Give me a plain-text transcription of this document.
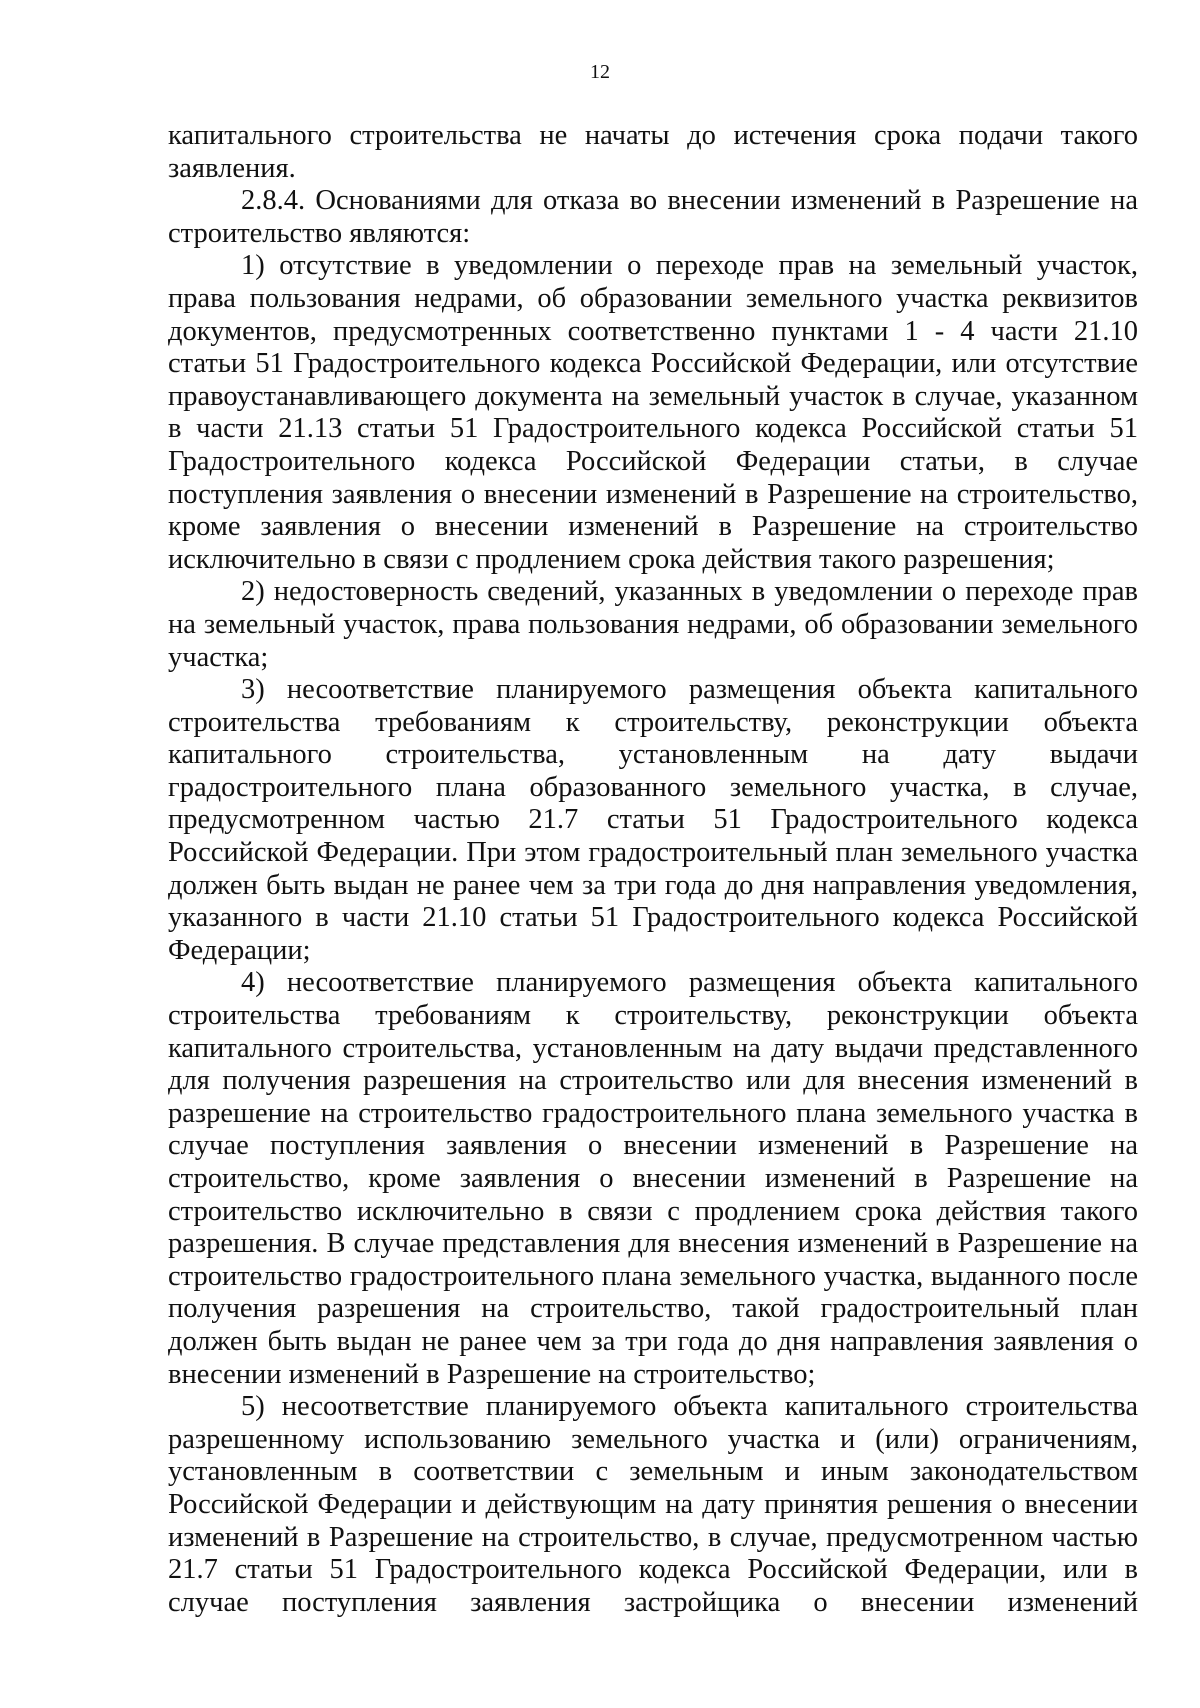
12

капитального строительства не начаты до истечения срока подачи такого заявления.

2.8.4. Основаниями для отказа во внесении изменений в Разрешение на строительство являются:

1) отсутствие в уведомлении о переходе прав на земельный участок, права пользования недрами, об образовании земельного участка реквизитов документов, предусмотренных соответственно пунктами 1 - 4 части 21.10 статьи 51 Градостроительного кодекса Российской Федерации, или отсутствие правоустанавливающего документа на земельный участок в случае, указанном в части 21.13 статьи 51 Градостроительного кодекса Российской статьи 51 Градостроительного кодекса Российской Федерации статьи, в случае поступления заявления о внесении изменений в Разрешение на строительство, кроме заявления о внесении изменений в Разрешение на строительство исключительно в связи с продлением срока действия такого разрешения;

2) недостоверность сведений, указанных в уведомлении о переходе прав на земельный участок, права пользования недрами, об образовании земельного участка;

3) несоответствие планируемого размещения объекта капитального строительства требованиям к строительству, реконструкции объекта капитального строительства, установленным на дату выдачи градостроительного плана образованного земельного участка, в случае, предусмотренном частью 21.7 статьи 51 Градостроительного кодекса Российской Федерации. При этом градостроительный план земельного участка должен быть выдан не ранее чем за три года до дня направления уведомления, указанного в части 21.10 статьи 51 Градостроительного кодекса Российской Федерации;

4) несоответствие планируемого размещения объекта капитального строительства требованиям к строительству, реконструкции объекта капитального строительства, установленным на дату выдачи представленного для получения разрешения на строительство или для внесения изменений в разрешение на строительство градостроительного плана земельного участка в случае поступления заявления о внесении изменений в Разрешение на строительство, кроме заявления о внесении изменений в Разрешение на строительство исключительно в связи с продлением срока действия такого разрешения. В случае представления для внесения изменений в Разрешение на строительство градостроительного плана земельного участка, выданного после получения разрешения на строительство, такой градостроительный план должен быть выдан не ранее чем за три года до дня направления заявления о внесении изменений в Разрешение на строительство;

5) несоответствие планируемого объекта капитального строительства разрешенному использованию земельного участка и (или) ограничениям, установленным в соответствии с земельным и иным законодательством Российской Федерации и действующим на дату принятия решения о внесении изменений в Разрешение на строительство, в случае, предусмотренном частью 21.7 статьи 51 Градостроительного кодекса Российской Федерации, или в случае поступления заявления застройщика о внесении изменений
